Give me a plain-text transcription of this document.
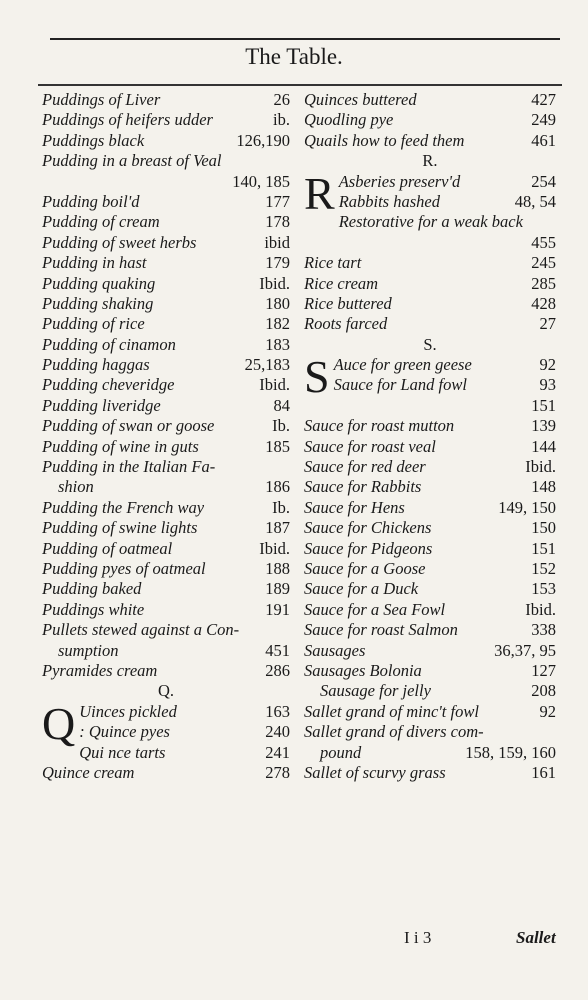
The Table.
Puddings of Liver	26
Puddings of heifers udder	ib.
Puddings black	126,190
Pudding in a breast of Veal
140, 185
Pudding boil'd	177
Pudding of cream	178
Pudding of sweet herbs	ibid
Pudding in hast	179
Pudding quaking	Ibid.
Pudding shaking	180
Pudding of rice	182
Pudding of cinamon	183
Pudding haggas	25,183
Pudding cheveridge	Ibid.
Pudding liveridge	84
Pudding of swan or goose	Ib.
Pudding of wine in guts	185
Pudding in the Italian Fa-
shion	186
Pudding the French way	Ib.
Pudding of swine lights	187
Pudding of oatmeal	Ibid.
Pudding pyes of oatmeal	188
Pudding baked	189
Puddings white	191
Pullets stewed against a Con-
sumption	451
Pyramides cream	286
Q.
Q Uinces pickled	163
: Quince pyes	240
Qui nce tarts	241
Quince cream	278
Quinces buttered	427
Quodling pye	249
Quails how to feed them	461
R.
R Asberies preserv'd	254
Rabbits hashed	48, 54
Restorative for a weak back
455
Rice tart	245
Rice cream	285
Rice buttered	428
Roots farced	27
S.
S Auce for green geese	92
Sauce for Land fowl	93
151
Sauce for roast mutton	139
Sauce for roast veal	144
Sauce for red deer	Ibid.
Sauce for Rabbits	148
Sauce for Hens	149, 150
Sauce for Chickens	150
Sauce for Pidgeons	151
Sauce for a Goose	152
Sauce for a Duck	153
Sauce for a Sea Fowl	Ibid.
Sauce for roast Salmon	338
Sausages	36,37, 95
Sausages Bolonia	127
Sausage for jelly	208
Sallet grand of minc't fowl	92
Sallet grand of divers com-
pound	158, 159, 160
Sallet of scurvy grass	161
I i 3	Sallet
